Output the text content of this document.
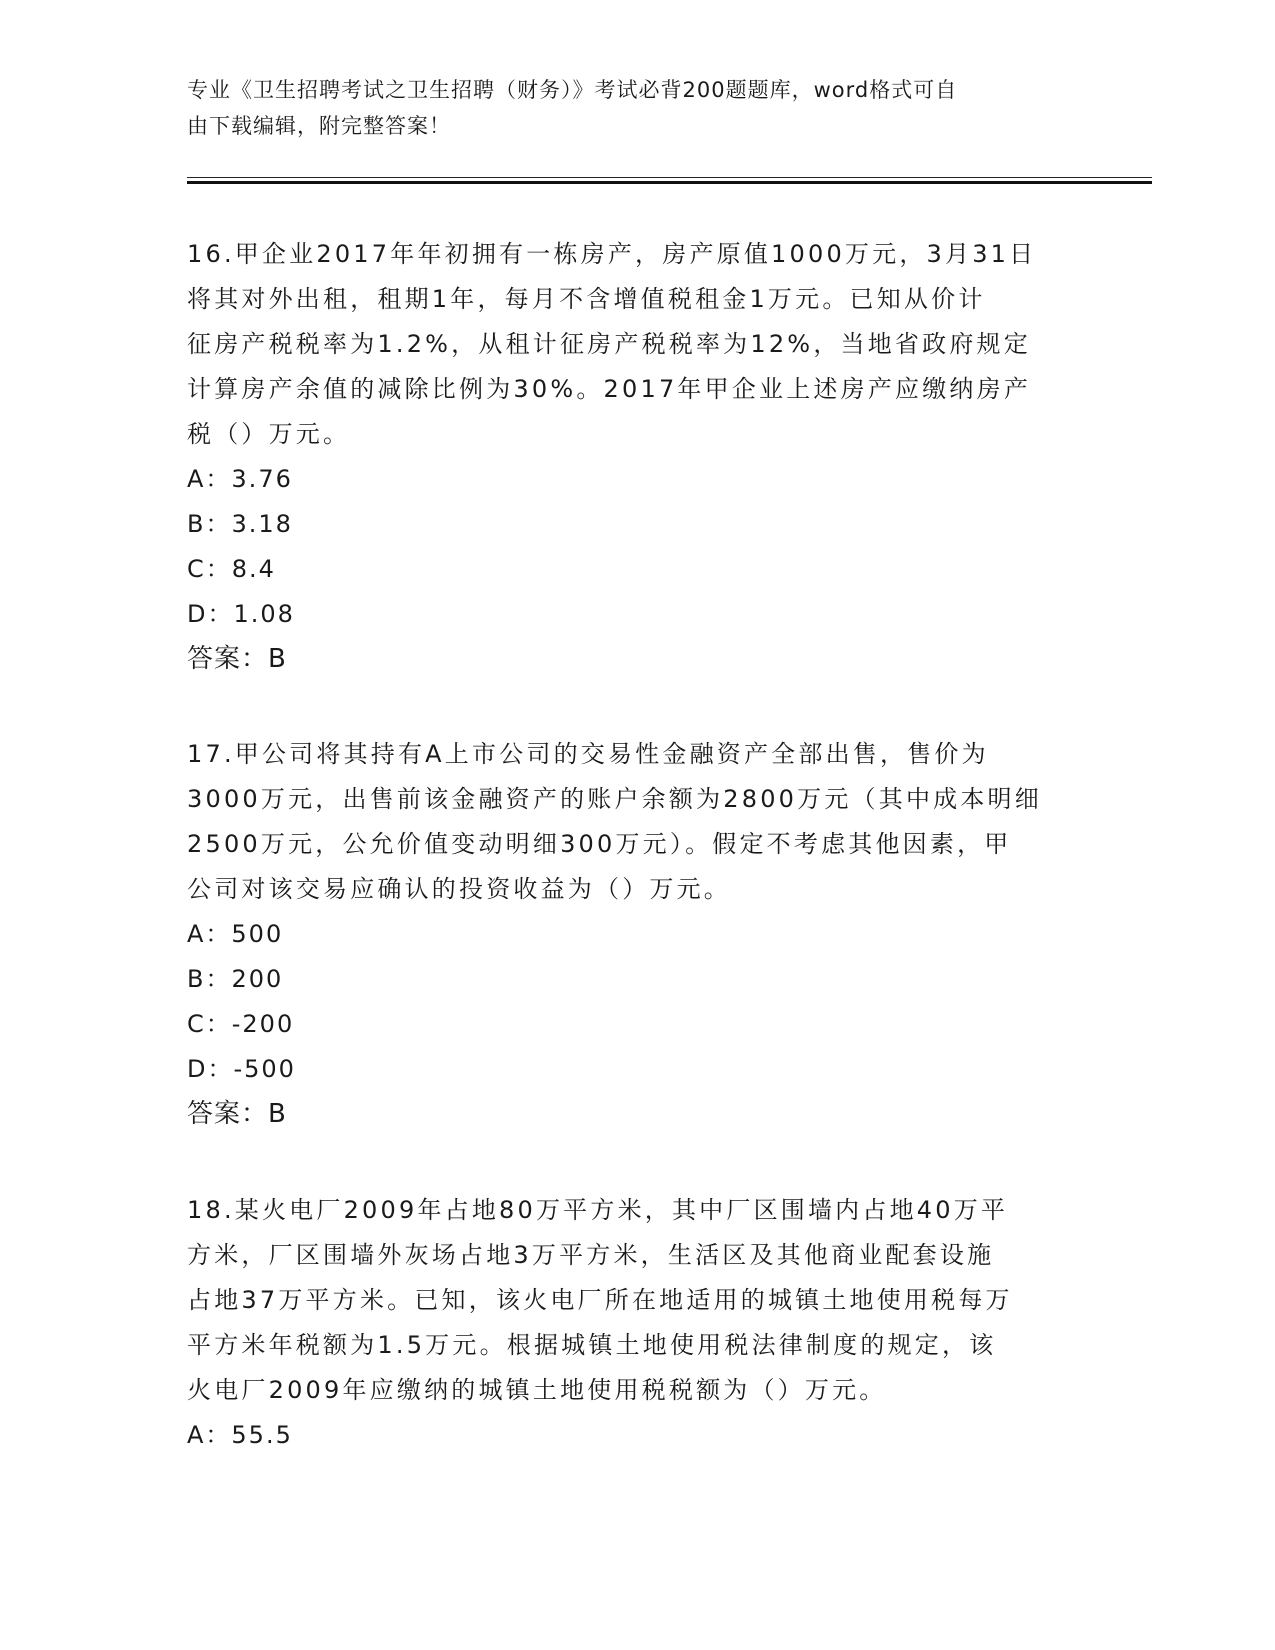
专业《卫生招聘考试之卫生招聘（财务）》考试必背200题题库，word格式可自
由下载编辑，附完整答案！

16.甲企业2017年年初拥有一栋房产，房产原值1000万元，3月31日

将其对外出租，租期1年，每月不含增值税租金1万元。已知从价计

征房产税税率为1.2%，从租计征房产税税率为12%，当地省政府规定

计算房产余值的减除比例为30%。2017年甲企业上述房产应缴纳房产

税（）万元。

A：3.76

B：3.18

C：8.4

D：1.08

答案：B

17.甲公司将其持有A上市公司的交易性金融资产全部出售，售价为

3000万元，出售前该金融资产的账户余额为2800万元（其中成本明细

2500万元，公允价值变动明细300万元）。假定不考虑其他因素，甲

公司对该交易应确认的投资收益为（）万元。

A：500

B：200

C：-200

D：-500

答案：B

18.某火电厂2009年占地80万平方米，其中厂区围墙内占地40万平

方米，厂区围墙外灰场占地3万平方米，生活区及其他商业配套设施

占地37万平方米。已知，该火电厂所在地适用的城镇土地使用税每万

平方米年税额为1.5万元。根据城镇土地使用税法律制度的规定，该

火电厂2009年应缴纳的城镇土地使用税税额为（）万元。

A：55.5
